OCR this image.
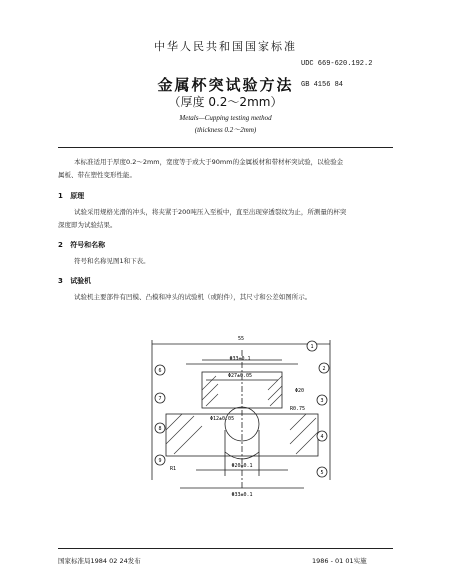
中华人民共和国国家标准
UDC 669-620.192.2
GB 4156 84
金属杯突试验方法
（厚度 0.2～2mm）
Metals—Cupping testing method
(thickness 0.2～2mm)
本标准适用于厚度0.2～2mm，宽度等于或大于90mm的金属板材和带材杯突试验，以检验金
属板、带在塑性变形性能。
1 原理
试验采用规格光滑的冲头，将夹紧于200吨压入至板中，直至出现穿透裂纹为止，所测量的杯突
深度即为试验结果。
2 符号和名称
符号和名称见图1和下表。
3 试验机
试验机主要部件有凹模、凸模和冲头的试验机（或附件），其尺寸和公差如图所示。
55
Φ33±0.1
Φ27±0.05
Φ20
R0.75
Φ12±0.05
Φ20±0.1
R1
Φ33±0.1
1
2
3
4
5
6
7
8
9
国家标准局1984 02 24发布	1986 - 01 01实施
